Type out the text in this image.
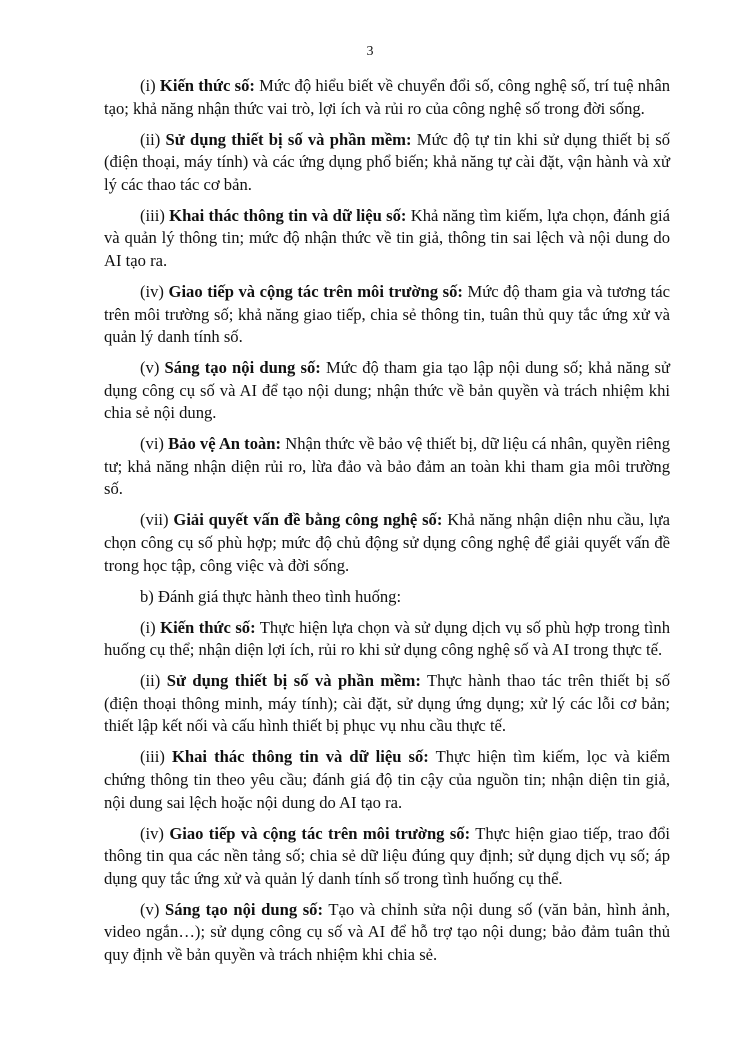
3

(i) Kiến thức số: Mức độ hiểu biết về chuyển đổi số, công nghệ số, trí tuệ nhân tạo; khả năng nhận thức vai trò, lợi ích và rủi ro của công nghệ số trong đời sống.

(ii) Sử dụng thiết bị số và phần mềm: Mức độ tự tin khi sử dụng thiết bị số (điện thoại, máy tính) và các ứng dụng phổ biến; khả năng tự cài đặt, vận hành và xử lý các thao tác cơ bản.

(iii) Khai thác thông tin và dữ liệu số: Khả năng tìm kiếm, lựa chọn, đánh giá và quản lý thông tin; mức độ nhận thức về tin giả, thông tin sai lệch và nội dung do AI tạo ra.

(iv) Giao tiếp và cộng tác trên môi trường số: Mức độ tham gia và tương tác trên môi trường số; khả năng giao tiếp, chia sẻ thông tin, tuân thủ quy tắc ứng xử và quản lý danh tính số.

(v) Sáng tạo nội dung số: Mức độ tham gia tạo lập nội dung số; khả năng sử dụng công cụ số và AI để tạo nội dung; nhận thức về bản quyền và trách nhiệm khi chia sẻ nội dung.

(vi) Bảo vệ An toàn: Nhận thức về bảo vệ thiết bị, dữ liệu cá nhân, quyền riêng tư; khả năng nhận diện rủi ro, lừa đảo và bảo đảm an toàn khi tham gia môi trường số.

(vii) Giải quyết vấn đề bằng công nghệ số: Khả năng nhận diện nhu cầu, lựa chọn công cụ số phù hợp; mức độ chủ động sử dụng công nghệ để giải quyết vấn đề trong học tập, công việc và đời sống.

b) Đánh giá thực hành theo tình huống:

(i) Kiến thức số: Thực hiện lựa chọn và sử dụng dịch vụ số phù hợp trong tình huống cụ thể; nhận diện lợi ích, rủi ro khi sử dụng công nghệ số và AI trong thực tế.

(ii) Sử dụng thiết bị số và phần mềm: Thực hành thao tác trên thiết bị số (điện thoại thông minh, máy tính); cài đặt, sử dụng ứng dụng; xử lý các lỗi cơ bản; thiết lập kết nối và cấu hình thiết bị phục vụ nhu cầu thực tế.

(iii) Khai thác thông tin và dữ liệu số: Thực hiện tìm kiếm, lọc và kiểm chứng thông tin theo yêu cầu; đánh giá độ tin cậy của nguồn tin; nhận diện tin giả, nội dung sai lệch hoặc nội dung do AI tạo ra.

(iv) Giao tiếp và cộng tác trên môi trường số: Thực hiện giao tiếp, trao đổi thông tin qua các nền tảng số; chia sẻ dữ liệu đúng quy định; sử dụng dịch vụ số; áp dụng quy tắc ứng xử và quản lý danh tính số trong tình huống cụ thể.

(v) Sáng tạo nội dung số: Tạo và chỉnh sửa nội dung số (văn bản, hình ảnh, video ngắn…); sử dụng công cụ số và AI để hỗ trợ tạo nội dung; bảo đảm tuân thủ quy định về bản quyền và trách nhiệm khi chia sẻ.
